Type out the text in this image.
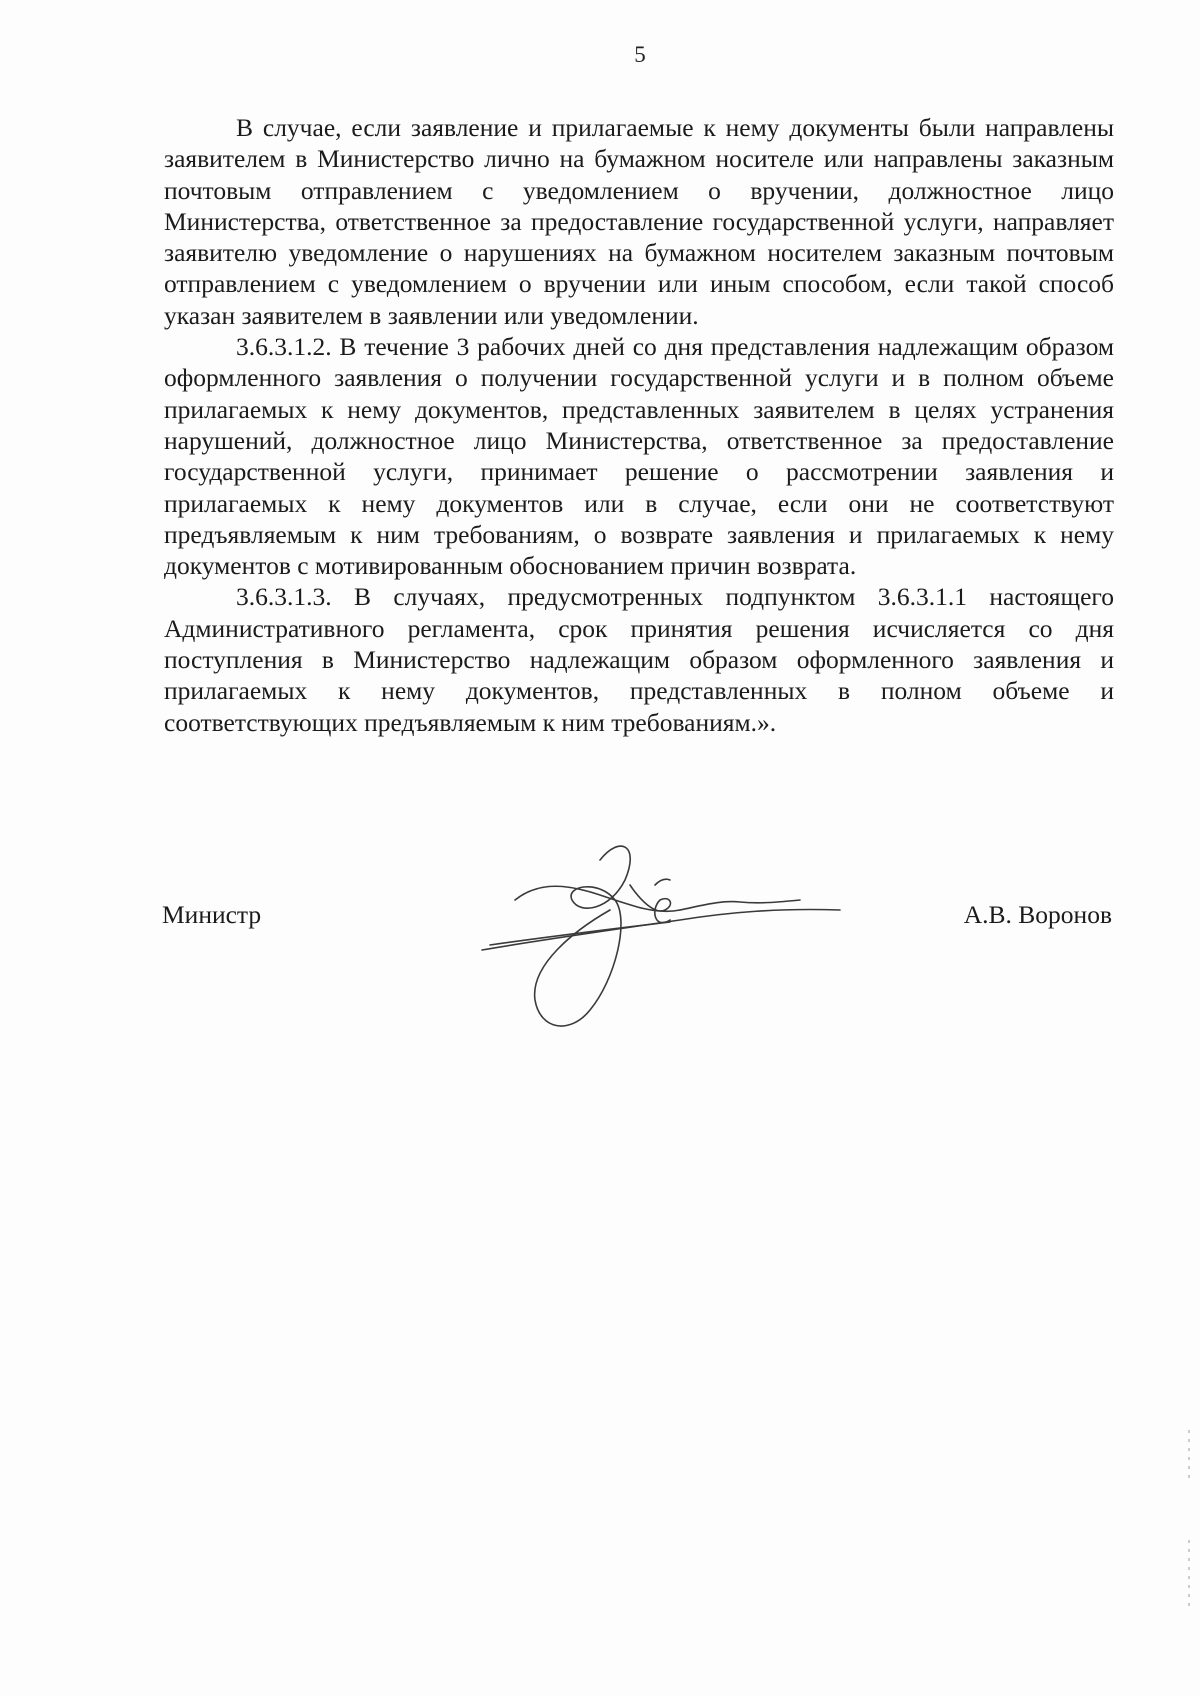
5

В случае, если заявление и прилагаемые к нему документы были направлены заявителем в Министерство лично на бумажном носителе или направлены заказным почтовым отправлением с уведомлением о вручении, должностное лицо Министерства, ответственное за предоставление государственной услуги, направляет заявителю уведомление о нарушениях на бумажном носителем заказным почтовым отправлением с уведомлением о вручении или иным способом, если такой способ указан заявителем в заявлении или уведомлении.

3.6.3.1.2. В течение 3 рабочих дней со дня представления надлежащим образом оформленного заявления о получении государственной услуги и в полном объеме прилагаемых к нему документов, представленных заявителем в целях устранения нарушений, должностное лицо Министерства, ответственное за предоставление государственной услуги, принимает решение о рассмотрении заявления и прилагаемых к нему документов или в случае, если они не соответствуют предъявляемым к ним требованиям, о возврате заявления и прилагаемых к нему документов с мотивированным обоснованием причин возврата.

3.6.3.1.3. В случаях, предусмотренных подпунктом 3.6.3.1.1 настоящего Административного регламента, срок принятия решения исчисляется со дня поступления в Министерство надлежащим образом оформленного заявления и прилагаемых к нему документов, представленных в полном объеме и соответствующих предъявляемым к ним требованиям.».

Министр	А.В. Воронов
